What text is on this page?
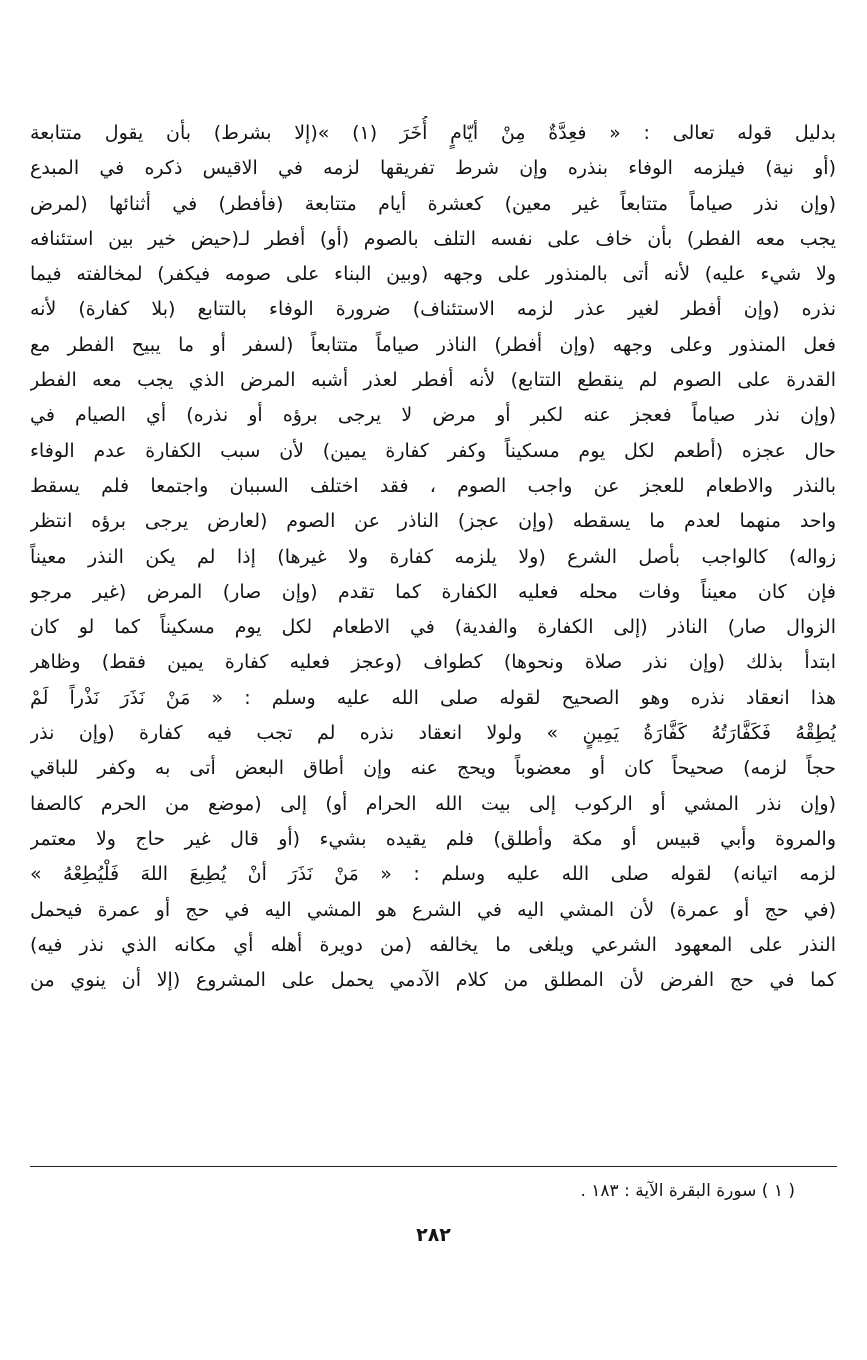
بدليل قوله تعالى : « فعِدَّةٌ مِنْ أيّامٍ أُخَرَ (١) »(إلا بشرط) بأن يقول متتابعة
(أو نية) فيلزمه الوفاء بنذره وإن شرط تفريقها لزمه في الاقيس ذكره في المبدع
(وإن نذر صياماً متتابعاً غير معين) كعشرة أيام متتابعة (فأفطر) في أثنائها (لمرض
يجب معه الفطر) بأن خاف على نفسه التلف بالصوم (أو) أفطر لـ(حيض خير بين استئنافه
ولا شيء عليه) لأنه أتى بالمنذور على وجهه (وبين البناء على صومه فيكفر) لمخالفته فيما
نذره (وإن أفطر لغير عذر لزمه الاستئناف) ضرورة الوفاء بالتتابع (بلا كفارة) لأنه
فعل المنذور وعلى وجهه (وإن أفطر) الناذر صياماً متتابعاً (لسفر أو ما يبيح الفطر مع
القدرة على الصوم لم ينقطع التتابع) لأنه أفطر لعذر أشبه المرض الذي يجب معه الفطر
(وإن نذر صياماً فعجز عنه لكبر أو مرض لا يرجى برؤه أو نذره) أي الصيام في
حال عجزه (أطعم لكل يوم مسكيناً وكفر كفارة يمين) لأن سبب الكفارة عدم الوفاء
بالنذر والاطعام للعجز عن واجب الصوم ، فقد اختلف السببان واجتمعا فلم يسقط
واحد منهما لعدم ما يسقطه (وإن عجز) الناذر عن الصوم (لعارض يرجى برؤه انتظر
زواله) كالواجب بأصل الشرع (ولا يلزمه كفارة ولا غيرها) إذا لم يكن النذر معيناً
فإن كان معيناً وفات محله فعليه الكفارة كما تقدم (وإن صار) المرض (غير مرجو
الزوال صار) الناذر (إلى الكفارة والفدية) في الاطعام لكل يوم مسكيناً كما لو كان
ابتدأ بذلك (وإن نذر صلاة ونحوها) كطواف (وعجز فعليه كفارة يمين فقط) وظاهر
هذا انعقاد نذره وهو الصحيح لقوله صلى الله عليه وسلم : « مَنْ نَذَرَ نَذْراً لَمْ
يُطِقْهُ فَكَفَّارَتُهُ كَفَّارَةُ يَمِينٍ » ولولا انعقاد نذره لم تجب فيه كفارة (وإن نذر
حجاً لزمه) صحيحاً كان أو معضوباً ويحج عنه وإن أطاق البعض أتى به وكفر للباقي
(وإن نذر المشي أو الركوب إلى بيت الله الحرام أو) إلى (موضع من الحرم كالصفا
والمروة وأبي قبيس أو مكة وأطلق) فلم يقيده بشيء (أو قال غير حاج ولا معتمر
لزمه اتيانه) لقوله صلى الله عليه وسلم : « مَنْ نَذَرَ أنْ يُطِيعَ اللهَ فَلْيُطِعْهُ »
(في حج أو عمرة) لأن المشي اليه في الشرع هو المشي اليه في حج أو عمرة فيحمل
النذر على المعهود الشرعي ويلغى ما يخالفه (من دويرة أهله أي مكانه الذي نذر فيه)
كما في حج الفرض لأن المطلق من كلام الآدمي يحمل على المشروع (إلا أن ينوي من
( ١ ) سورة البقرة الآية : ١٨٣ .
٢٨٢
